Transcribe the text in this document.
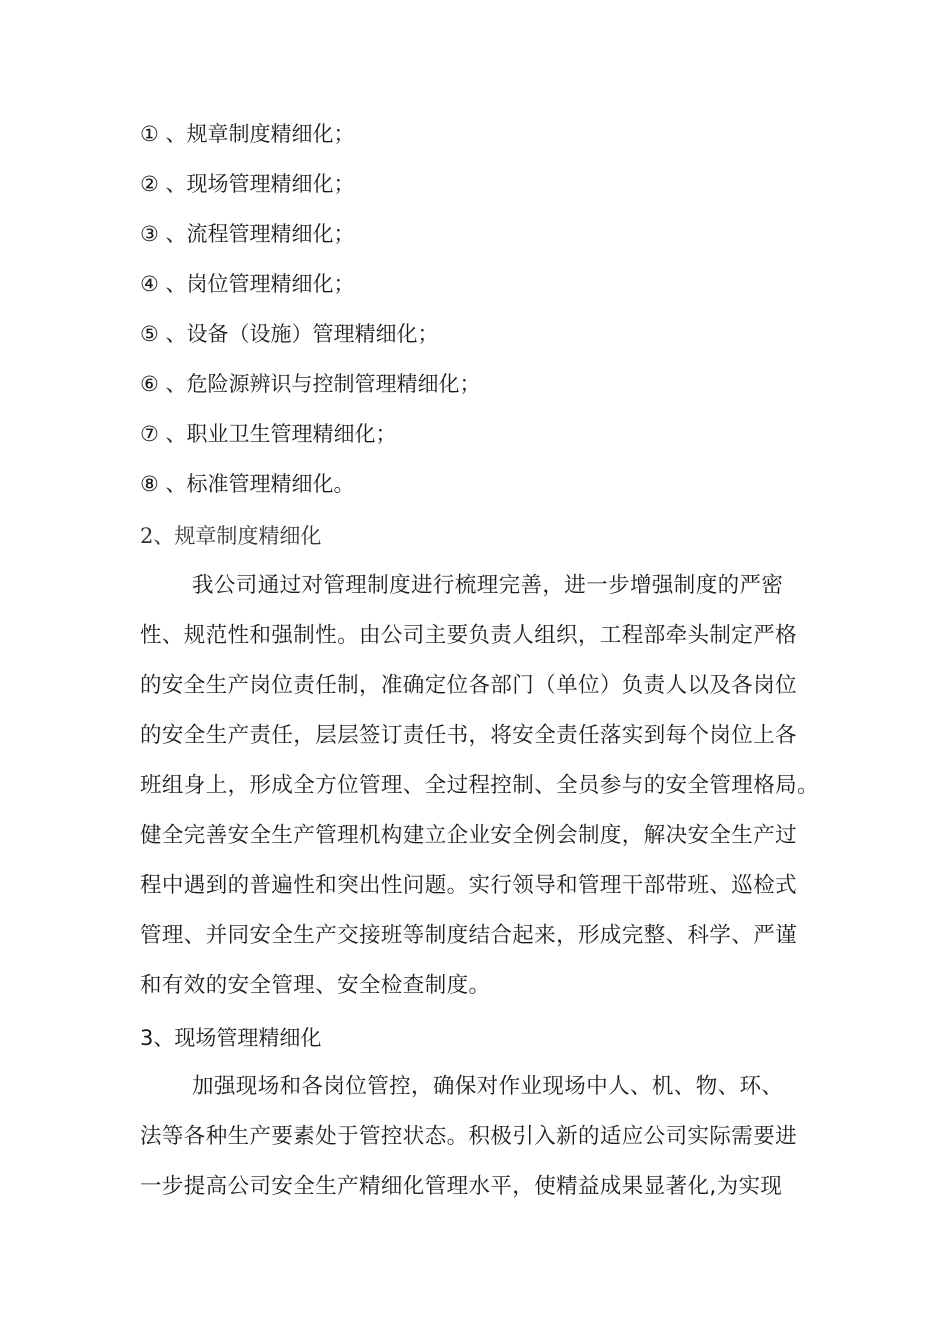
① 、规章制度精细化；
② 、现场管理精细化；
③ 、流程管理精细化；
④ 、岗位管理精细化；
⑤ 、设备（设施）管理精细化；
⑥ 、危险源辨识与控制管理精细化；
⑦ 、职业卫生管理精细化；
⑧ 、标准管理精细化。
2、规章制度精细化
我公司通过对管理制度进行梳理完善，进一步增强制度的严密
性、规范性和强制性。由公司主要负责人组织，工程部牵头制定严格
的安全生产岗位责任制，准确定位各部门（单位）负责人以及各岗位
的安全生产责任，层层签订责任书，将安全责任落实到每个岗位上各
班组身上，形成全方位管理、全过程控制、全员参与的安全管理格局。
健全完善安全生产管理机构建立企业安全例会制度，解决安全生产过
程中遇到的普遍性和突出性问题。实行领导和管理干部带班、巡检式
管理、并同安全生产交接班等制度结合起来，形成完整、科学、严谨
和有效的安全管理、安全检查制度。
3、现场管理精细化
加强现场和各岗位管控，确保对作业现场中人、机、物、环、
法等各种生产要素处于管控状态。积极引入新的适应公司实际需要进
一步提高公司安全生产精细化管理水平，使精益成果显著化,为实现
